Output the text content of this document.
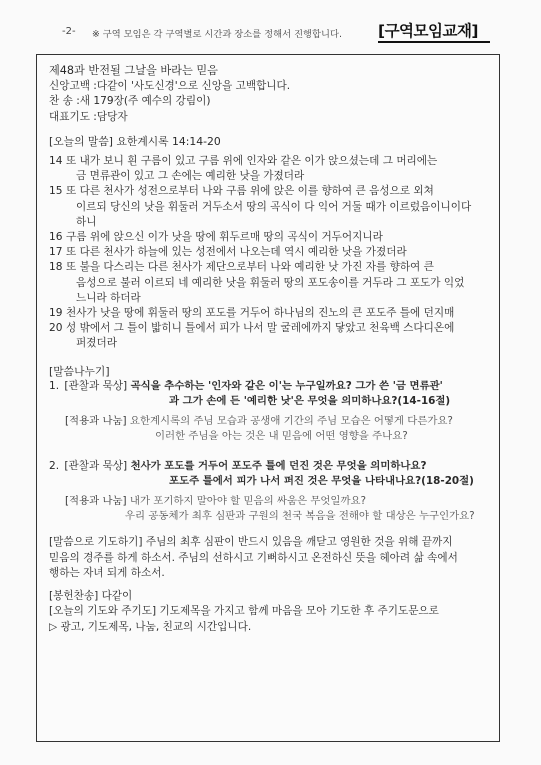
-2- ※ 구역 모임은 각 구역별로 시간과 장소를 정해서 진행합니다. [구역모임교재]
제48과 반전될 그날을 바라는 믿음
신앙고백 :다같이 '사도신경'으로 신앙을 고백합니다.
찬 송 :새 179장(주 예수의 강림이)
대표기도 :담당자
[오늘의 말씀] 요한계시록 14:14-20
14 또 내가 보니 흰 구름이 있고 구름 위에 인자와 같은 이가 앉으셨는데 그 머리에는
금 면류관이 있고 그 손에는 예리한 낫을 가졌더라
15 또 다른 천사가 성전으로부터 나와 구름 위에 앉은 이를 향하여 큰 음성으로 외쳐
이르되 당신의 낫을 휘둘러 거두소서 땅의 곡식이 다 익어 거둘 때가 이르렀음이니이다
하니
16 구름 위에 앉으신 이가 낫을 땅에 휘두르매 땅의 곡식이 거두어지니라
17 또 다른 천사가 하늘에 있는 성전에서 나오는데 역시 예리한 낫을 가졌더라
18 또 불을 다스리는 다른 천사가 제단으로부터 나와 예리한 낫 가진 자를 향하여 큰
음성으로 불러 이르되 네 예리한 낫을 휘둘러 땅의 포도송이를 거두라 그 포도가 익었
느니라 하더라
19 천사가 낫을 땅에 휘둘러 땅의 포도를 거두어 하나님의 진노의 큰 포도주 틀에 던지매
20 성 밖에서 그 틀이 밟히니 틀에서 피가 나서 말 굴레에까지 닿았고 천육백 스다디온에
퍼졌더라
[말씀나누기]
1. [관찰과 묵상] 곡식을 추수하는 '인자와 같은 이'는 누구일까요? 그가 쓴 '금 면류관'
과 그가 손에 든 '예리한 낫'은 무엇을 의미하나요?(14-16절)
[적용과 나눔] 요한계시록의 주님 모습과 공생애 기간의 주님 모습은 어떻게 다른가요?
이러한 주님을 아는 것은 내 믿음에 어떤 영향을 주나요?
2. [관찰과 묵상] 천사가 포도를 거두어 포도주 틀에 던진 것은 무엇을 의미하나요?
포도주 틀에서 피가 나서 퍼진 것은 무엇을 나타내나요?(18-20절)
[적용과 나눔] 내가 포기하지 말아야 할 믿음의 싸움은 무엇일까요?
우리 공동체가 최후 심판과 구원의 천국 복음을 전해야 할 대상은 누구인가요?
[말씀으로 기도하기] 주님의 최후 심판이 반드시 있음을 깨닫고 영원한 것을 위해 끝까지
믿음의 경주를 하게 하소서. 주님의 선하시고 기뻐하시고 온전하신 뜻을 헤아려 삶 속에서
행하는 자녀 되게 하소서.
[봉헌찬송] 다같이
[오늘의 기도와 주기도] 기도제목을 가지고 함께 마음을 모아 기도한 후 주기도문으로
▷ 광고, 기도제목, 나눔, 친교의 시간입니다.
